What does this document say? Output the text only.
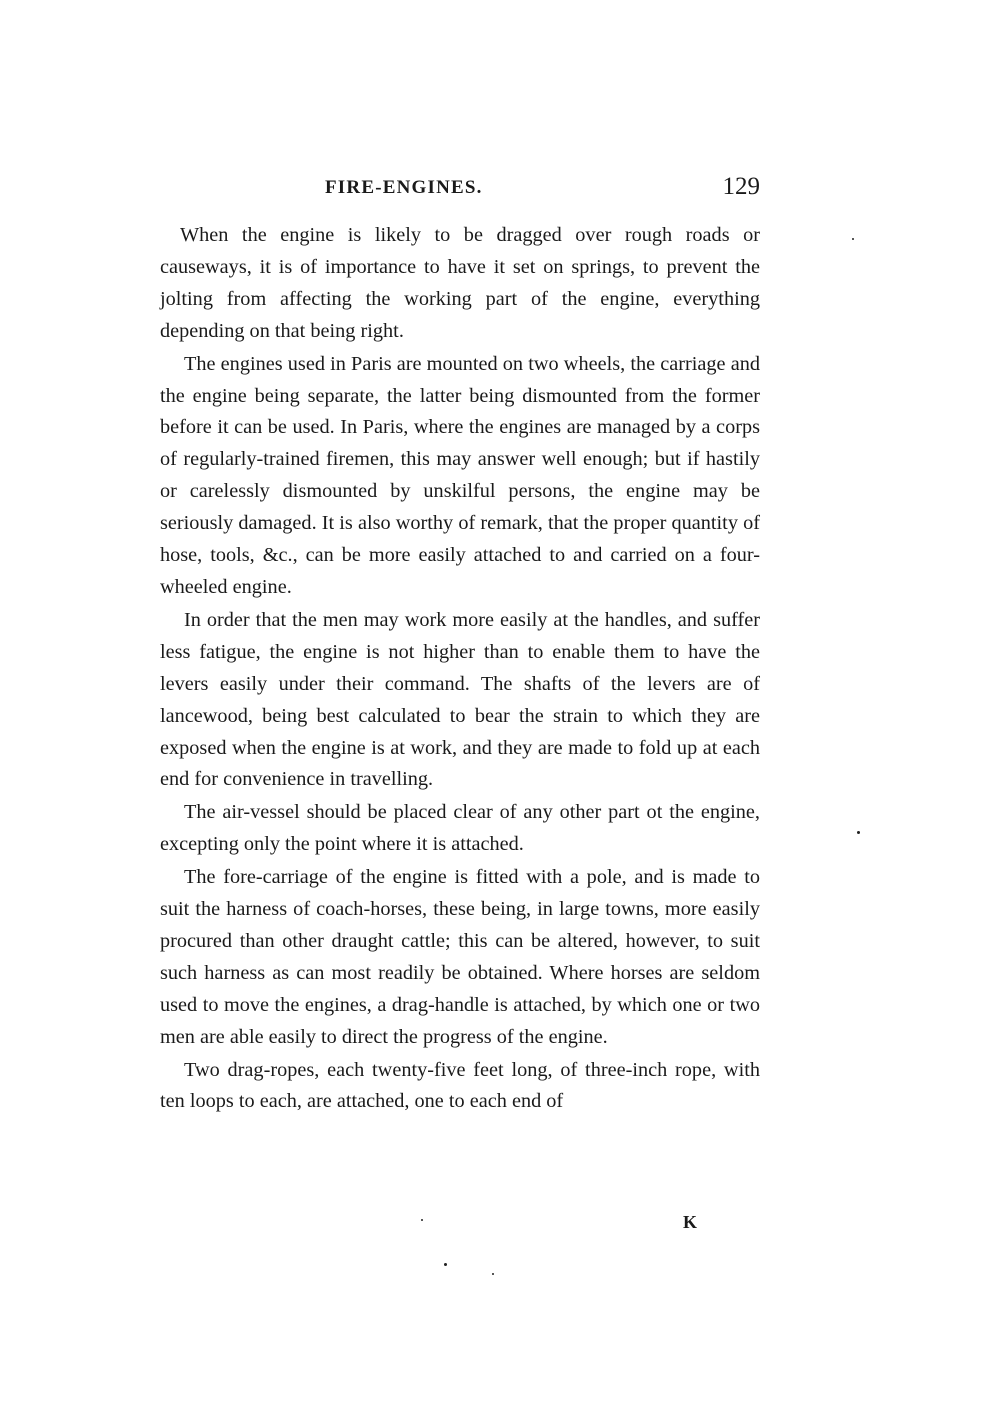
FIRE-ENGINES.	129

When the engine is likely to be dragged over rough roads or causeways, it is of importance to have it set on springs, to prevent the jolting from affecting the working part of the engine, everything depending on that being right.

The engines used in Paris are mounted on two wheels, the carriage and the engine being separate, the latter being dismounted from the former before it can be used. In Paris, where the engines are managed by a corps of regularly-trained firemen, this may answer well enough; but if hastily or carelessly dismounted by unskilful persons, the engine may be seriously damaged. It is also worthy of remark, that the proper quantity of hose, tools, &c., can be more easily attached to and carried on a four-wheeled engine.

In order that the men may work more easily at the handles, and suffer less fatigue, the engine is not higher than to enable them to have the levers easily under their command. The shafts of the levers are of lancewood, being best calculated to bear the strain to which they are exposed when the engine is at work, and they are made to fold up at each end for convenience in travelling.

The air-vessel should be placed clear of any other part ot the engine, excepting only the point where it is attached.

The fore-carriage of the engine is fitted with a pole, and is made to suit the harness of coach-horses, these being, in large towns, more easily procured than other draught cattle; this can be altered, however, to suit such harness as can most readily be obtained. Where horses are seldom used to move the engines, a drag-handle is attached, by which one or two men are able easily to direct the progress of the engine.

Two drag-ropes, each twenty-five feet long, of three-inch rope, with ten loops to each, are attached, one to each end of

K
